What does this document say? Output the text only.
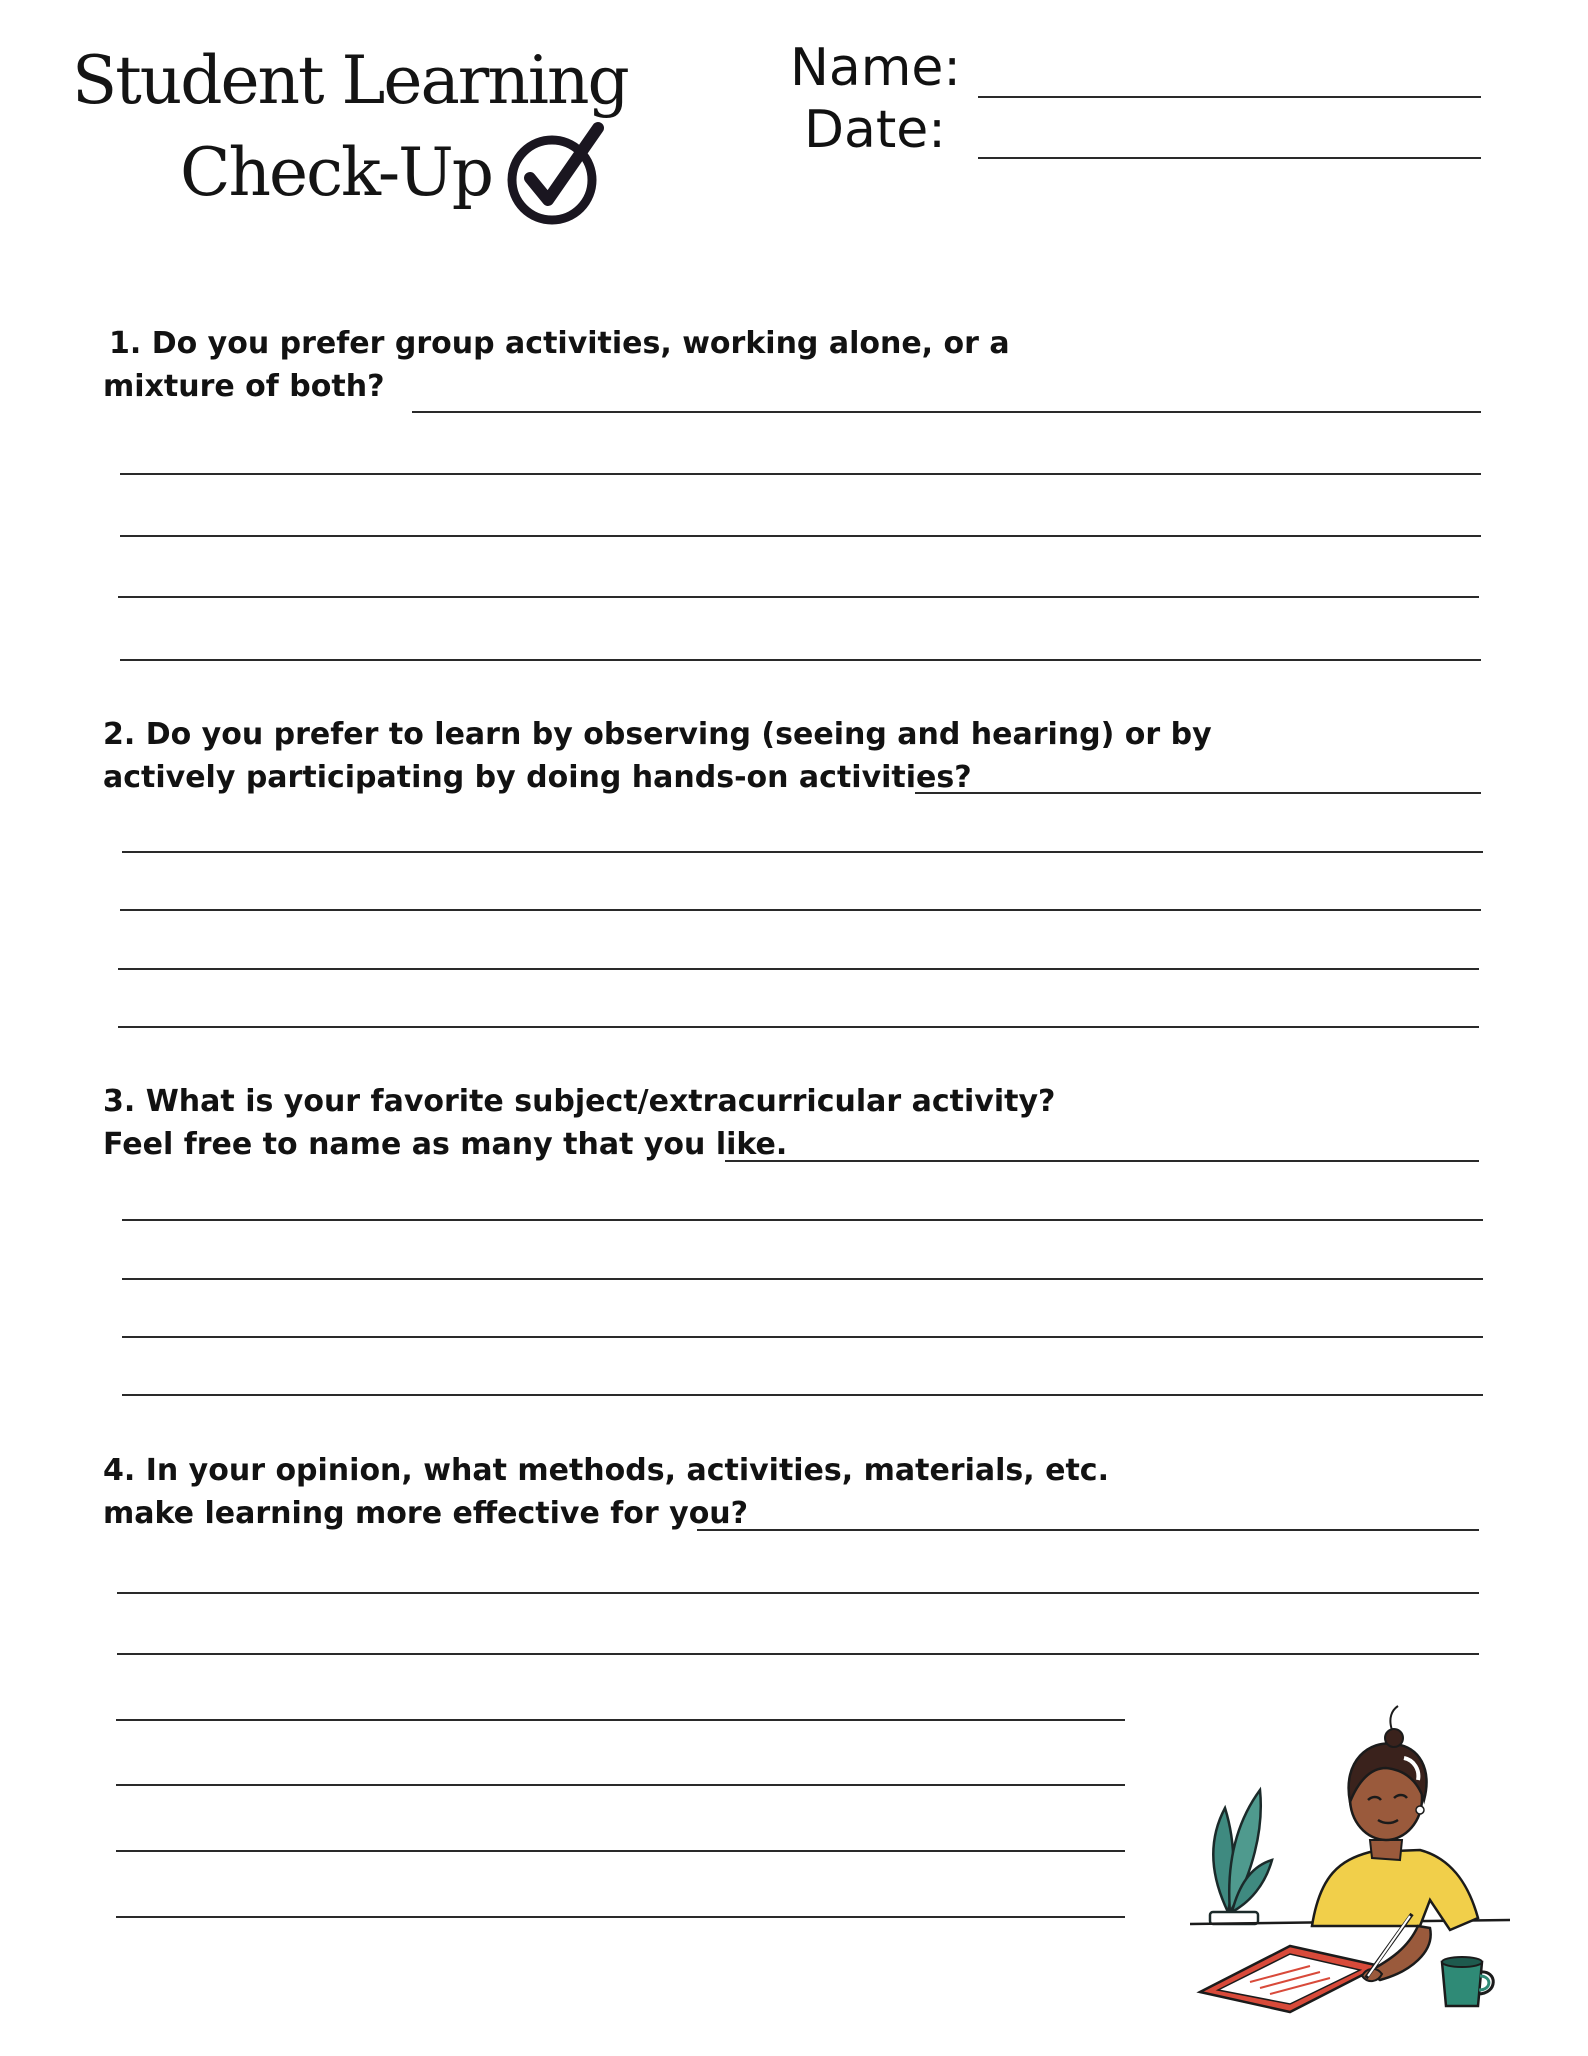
Student Learning
Check-Up
Name:
Date:
1. Do you prefer group activities, working alone, or a
mixture of both?
2. Do you prefer to learn by observing (seeing and hearing) or by
actively participating by doing hands-on activities?
3. What is your favorite subject/extracurricular activity?
Feel free to name as many that you like.
4. In your opinion, what methods, activities, materials, etc.
make learning more effective for you?
